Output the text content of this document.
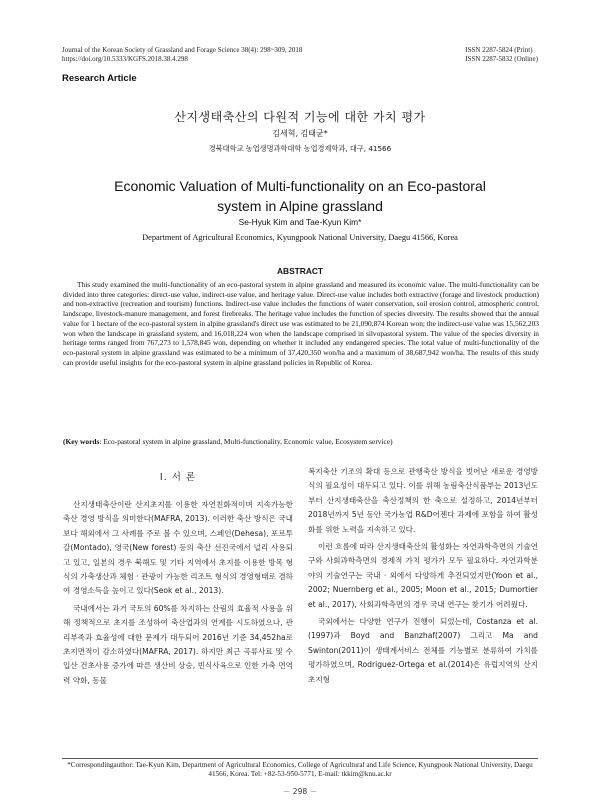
Journal of the Korean Society of Grassland and Forage Science 38(4): 298~309, 2018
https://doi.org/10.5333/KGFS.2018.38.4.298
ISSN 2287-5824 (Print)
ISSN 2287-5832 (Online)
Research Article
산지생태축산의 다원적 기능에 대한 가치 평가
김세혁, 김태균*
경북대학교 농업생명과학대학 농업경제학과, 대구, 41566
Economic Valuation of Multi-functionality on an Eco-pastoral system in Alpine grassland
Se-Hyuk Kim and Tae-Kyun Kim*
Department of Agricultural Economics, Kyungpook National University, Daegu 41566, Korea
ABSTRACT
This study examined the multi-functionality of an eco-pastoral system in alpine grassland and measured its economic value. The multi-functionality can be divided into three categories: direct-use value, indirect-use value, and heritage value. Direct-use value includes both extractive (forage and livestock production) and non-extractive (recreation and tourism) functions. Indirect-use value includes the functions of water conservation, soil erosion control, atmospheric control, landscape, livestock-manure management, and forest firebreaks. The heritage value includes the function of species diversity. The results showed that the annual value for 1 hectare of the eco-pastoral system in alpine grassland's direct use was estimated to be 21,090,874 Korean won; the indirect-use value was 15,562,203 won when the landscape in grassland system, and 16,018,224 won when the landscape comprised in silvopastoral system. The value of the species diversity in heritage terms ranged from 767,273 to 1,578,845 won, depending on whether it included any endangered species. The total value of multi-functionality of the eco-pastoral system in alpine grassland was estimated to be a minimum of 37,420,350 won/ha and a maximum of 38,687,942 won/ha. The results of this study can provide useful insights for the eco-pastoral system in alpine grassland policies in Republic of Korea.
(Key words: Eco-pastoral system in alpine grassland, Multi-functionality, Economic value, Ecosystem service)
Ⅰ. 서 론

산지생태축산이란 산지초지를 이용한 자연친화적이며 지속가능한 축산 경영 방식을 의미한다(MAFRA, 2013). 이러한 축산 방식은 국내보다 해외에서 그 사례를 주로 볼 수 있으며, 스페인(Dehesa), 포르투갈(Montado), 영국(New forest) 등의 축산 선진국에서 널리 사용되고 있고, 일본의 경우 북해도 및 기타 지역에서 초지를 이용한 방목 형식의 가축생산과 체험 · 관광이 가능한 리조트 형식의 경영형태로 겸하여 경영소득을 높이고 있다(Seok et al., 2013).

국내에서는 과거 국토의 60%를 차지하는 산림의 효율적 사용을 위해 정책적으로 초지를 조성하여 축산업과의 연계를 시도하였으나, 관리부족과 효율성에 대한 문제가 대두되어 2016년 기준 34,452ha로 초지면적이 감소하였다(MAFRA, 2017). 하지만 최근 곡류사료 및 수입산 건초사용 증가에 따른 생산비 상승, 빈식사육으로 인한 가축 면역력 약화, 동물

복지축산 기조의 확대 등으로 관행축산 방식을 벗어난 새로운 경영방식의 필요성이 대두되고 있다. 이를 위해 농림축산식품부는 2013년도부터 산지생태축산을 축산정책의 한 축으로 설정하고, 2014년부터 2018년까지 5년 동안 국가농업 R&D어젠다 과제에 포함을 하여 활성화를 위한 노력을 지속하고 있다.

이런 흐름에 따라 산지생태축산의 활성화는 자연과학측면의 기술연구와 사회과학측면의 경제적 가치 평가가 모두 필요하다. 자연과학분야의 기술연구는 국내 · 외에서 다양하게 추진되었지만(Yoon et al., 2002; Nuernberg et al., 2005; Moon et al., 2015; Dumortier et al., 2017), 사회과학측면의 경우 국내 연구는 찾기가 어려웠다.

국외에서는 다양한 연구가 진행이 되었는데, Costanza et al.(1997)과 Boyd and Banzhaf(2007) 그리고 Ma and Swinton(2011)이 생태계서비스 전체를 기능별로 분류하여 가치를 평가하였으며, Rodriguez-Ortega et al.(2014)은 유럽지역의 산지초지형

*Correspondingauthor: Tae-Kyun Kim, Department of Agricultural Economics, College of Agricultural and Life Science, Kyungpook National University, Daegu 41566, Korea. Tel: +82-53-950-5771, E-mail: tkkim@knu.ac.kr
－ 298 －
